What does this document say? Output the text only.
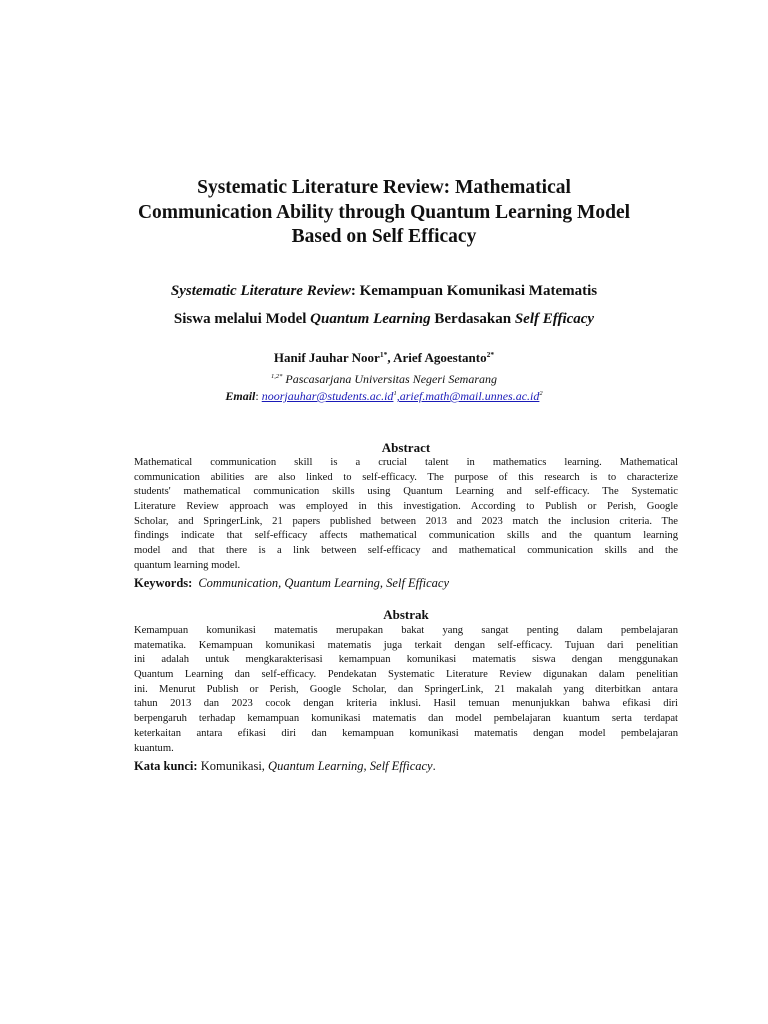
Systematic Literature Review: Mathematical
Communication Ability through Quantum Learning Model
Based on Self Efficacy
Systematic Literature Review: Kemampuan Komunikasi Matematis
Siswa melalui Model Quantum Learning Berdasakan Self Efficacy
Hanif Jauhar Noor$^{1*}$, Arief Agoestanto$^{2*}$
$^{1,2*}$ Pascasarjana Universitas Negeri Semarang
Email: $noorjauhar@students.ac.id^1,arief.math@mail.unnes.ac.id^2$
Abstract
Mathematical communication skill is a crucial talent in mathematics learning. Mathematical
communication abilities are also linked to self-efficacy. The purpose of this research is to characterize
students' mathematical communication skills using Quantum Learning and self-efficacy. The Systematic
Literature Review approach was employed in this investigation. According to Publish or Perish, Google
Scholar, and SpringerLink, 21 papers published between 2013 and 2023 match the inclusion criteria. The
findings indicate that self-efficacy affects mathematical communication skills and the quantum learning
model and that there is a link between self-efficacy and mathematical communication skills and the
quantum learning model.
Keywords: Communication, Quantum Learning, Self Efficacy
Abstrak
Kemampuan komunikasi matematis merupakan bakat yang sangat penting dalam pembelajaran
matematika. Kemampuan komunikasi matematis juga terkait dengan self-efficacy. Tujuan dari penelitian
ini adalah untuk mengkarakterisasi kemampuan komunikasi matematis siswa dengan menggunakan
Quantum Learning dan self-efficacy. Pendekatan Systematic Literature Review digunakan dalam penelitian
ini. Menurut Publish or Perish, Google Scholar, dan SpringerLink, 21 makalah yang diterbitkan antara
tahun 2013 dan 2023 cocok dengan kriteria inklusi. Hasil temuan menunjukkan bahwa efikasi diri
berpengaruh terhadap kemampuan komunikasi matematis dan model pembelajaran kuantum serta terdapat
keterkaitan antara efikasi diri dan kemampuan komunikasi matematis dengan model pembelajaran
kuantum.
Kata kunci: Komunikasi, Quantum Learning, Self Efficacy.
